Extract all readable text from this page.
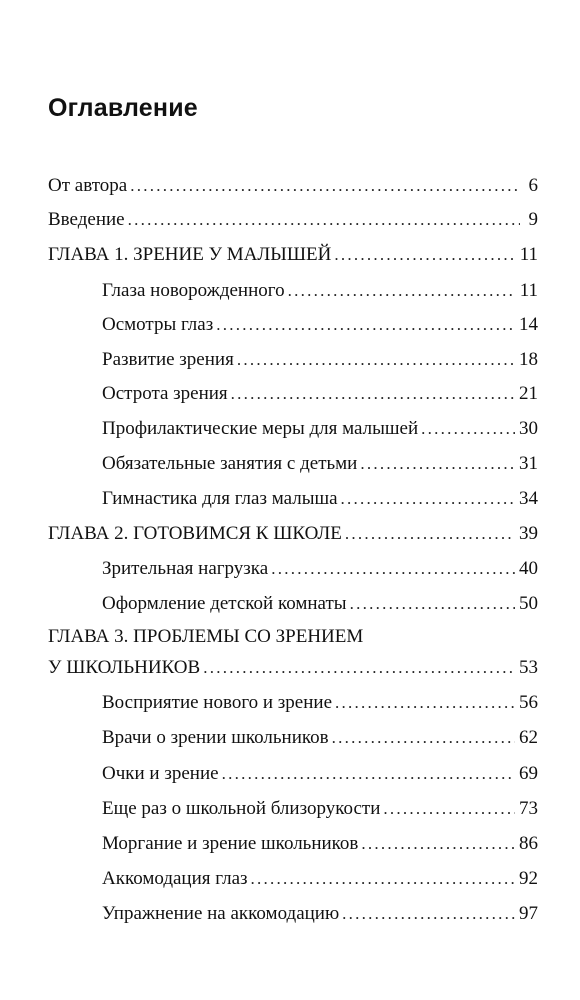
Оглавление
От автора . . .	6
Введение . . .	9
ГЛАВА 1. ЗРЕНИЕ У МАЛЫШЕЙ . . .	11
Глаза новорожденного . . .	11
Осмотры глаз . . .	14
Развитие зрения . . .	18
Острота зрения . . .	21
Профилактические меры для малышей . . .	30
Обязательные занятия с детьми . . .	31
Гимнастика для глаз малыша . . .	34
ГЛАВА 2. ГОТОВИМСЯ К ШКОЛЕ . . .	39
Зрительная нагрузка . . .	40
Оформление детской комнаты . . .	50
ГЛАВА 3. ПРОБЛЕМЫ СО ЗРЕНИЕМ
У ШКОЛЬНИКОВ . . .	53
Восприятие нового и зрение . . .	56
Врачи о зрении школьников . . .	62
Очки и зрение . . .	69
Еще раз о школьной близорукости . . .	73
Моргание и зрение школьников . . .	86
Аккомодация глаз . . .	92
Упражнение на аккомодацию . . .	97
